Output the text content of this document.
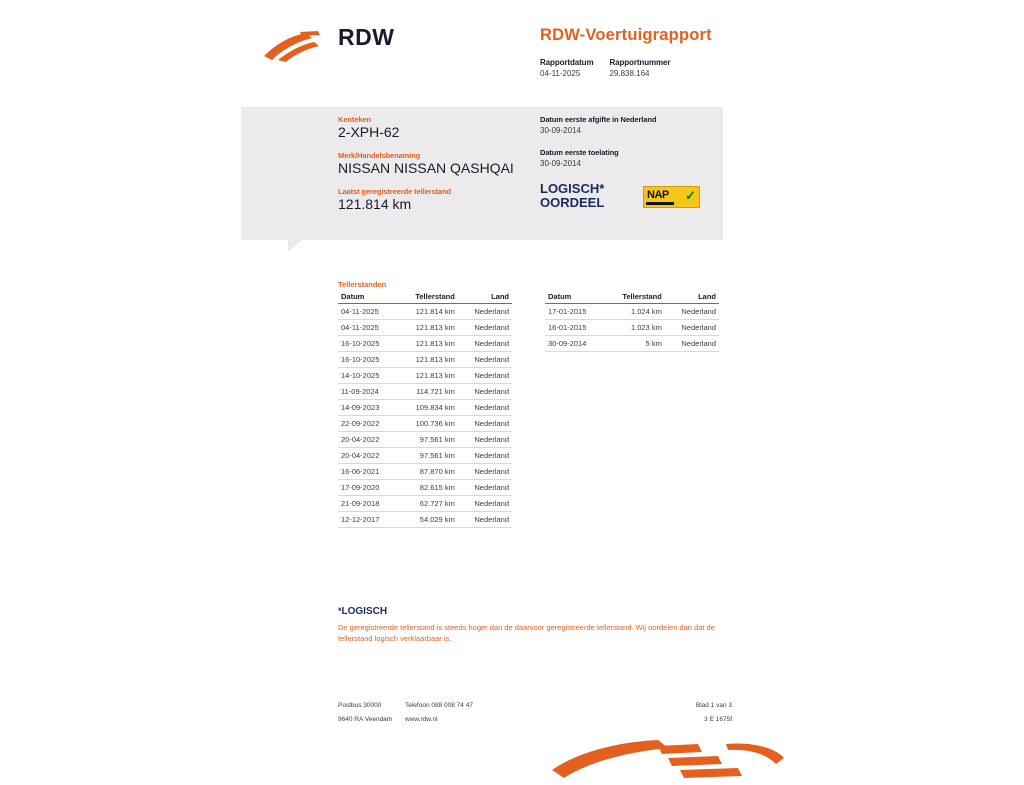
RDW	RDW-Voertuigrapport
Rapportdatum
04-11-2025

Rapportnummer
29.838.164
Kenteken
2-XPH-62
Merk/Handelsbenaming
NISSAN NISSAN QASHQAI
Laatst geregistreerde tellerstand
121.814 km
Datum eerste afgifte in Nederland
30-09-2014
Datum eerste toelating
30-09-2014
LOGISCH*
OORDEEL	NAP ✓
Tellerstanden
Datum	Tellerstand	Land
04-11-2025	121.814 km	Nederland
04-11-2025	121.813 km	Nederland
16-10-2025	121.813 km	Nederland
16-10-2025	121.813 km	Nederland
14-10-2025	121.813 km	Nederland
11-09-2024	114.721 km	Nederland
14-09-2023	109.834 km	Nederland
22-09-2022	100.736 km	Nederland
20-04-2022	97.561 km	Nederland
20-04-2022	97.561 km	Nederland
16-06-2021	87.870 km	Nederland
17-09-2020	82.615 km	Nederland
21-09-2018	62.727 km	Nederland
12-12-2017	54.029 km	Nederland
Datum	Tellerstand	Land
17-01-2015	1.024 km	Nederland
16-01-2015	1.023 km	Nederland
30-09-2014	5 km	Nederland
*LOGISCH
De geregistreerde tellerstand is steeds hoger dan de daarvoor geregistreerde tellerstand. Wij oordelen dan dat de tellerstand logisch verklaarbaar is.
Postbus 30000	Telefoon 088 008 74 47
9640 RA Veendam www.rdw.nl
Blad 1 van 3
3 E 1675f
